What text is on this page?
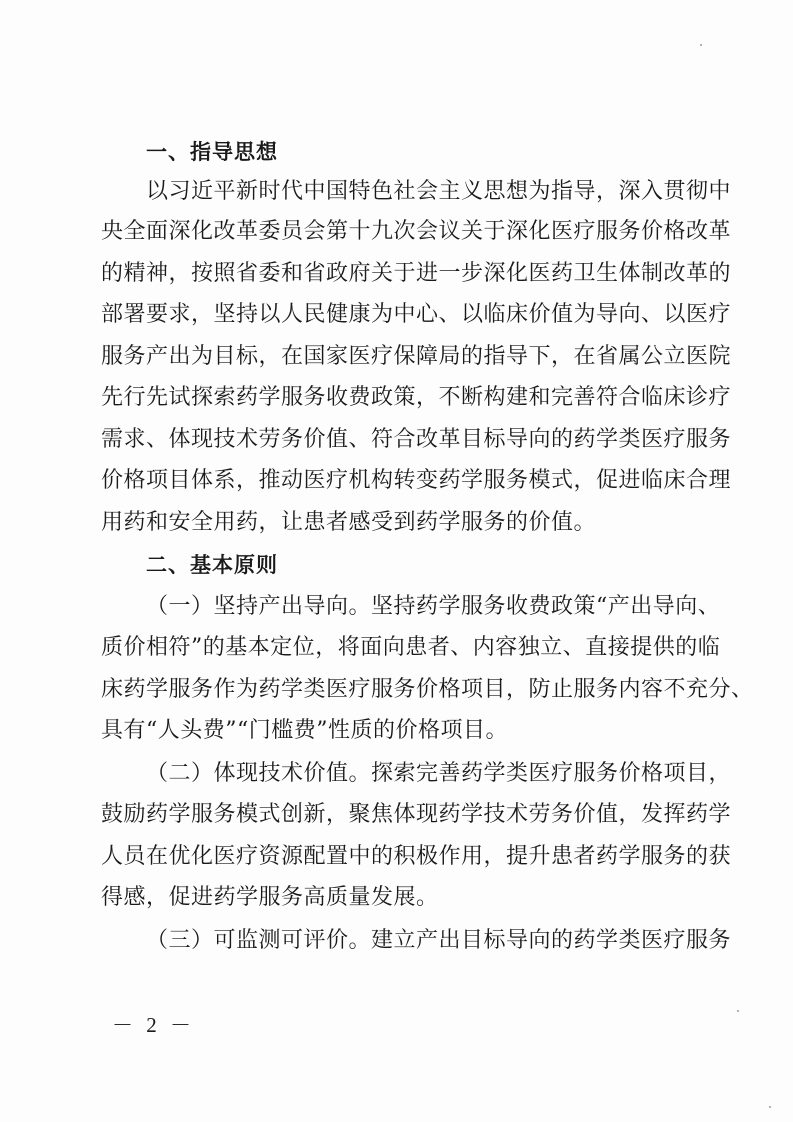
一、指导思想
以习近平新时代中国特色社会主义思想为指导，深入贯彻中
央全面深化改革委员会第十九次会议关于深化医疗服务价格改革
的精神，按照省委和省政府关于进一步深化医药卫生体制改革的
部署要求，坚持以人民健康为中心、以临床价值为导向、以医疗
服务产出为目标，在国家医疗保障局的指导下，在省属公立医院
先行先试探索药学服务收费政策，不断构建和完善符合临床诊疗
需求、体现技术劳务价值、符合改革目标导向的药学类医疗服务
价格项目体系，推动医疗机构转变药学服务模式，促进临床合理
用药和安全用药，让患者感受到药学服务的价值。
二、基本原则
（一）坚持产出导向。坚持药学服务收费政策“产出导向、
质价相符”的基本定位，将面向患者、内容独立、直接提供的临
床药学服务作为药学类医疗服务价格项目，防止服务内容不充分、
具有“人头费”“门槛费”性质的价格项目。
（二）体现技术价值。探索完善药学类医疗服务价格项目，
鼓励药学服务模式创新，聚焦体现药学技术劳务价值，发挥药学
人员在优化医疗资源配置中的积极作用，提升患者药学服务的获
得感，促进药学服务高质量发展。
（三）可监测可评价。建立产出目标导向的药学类医疗服务
－ 2 －
